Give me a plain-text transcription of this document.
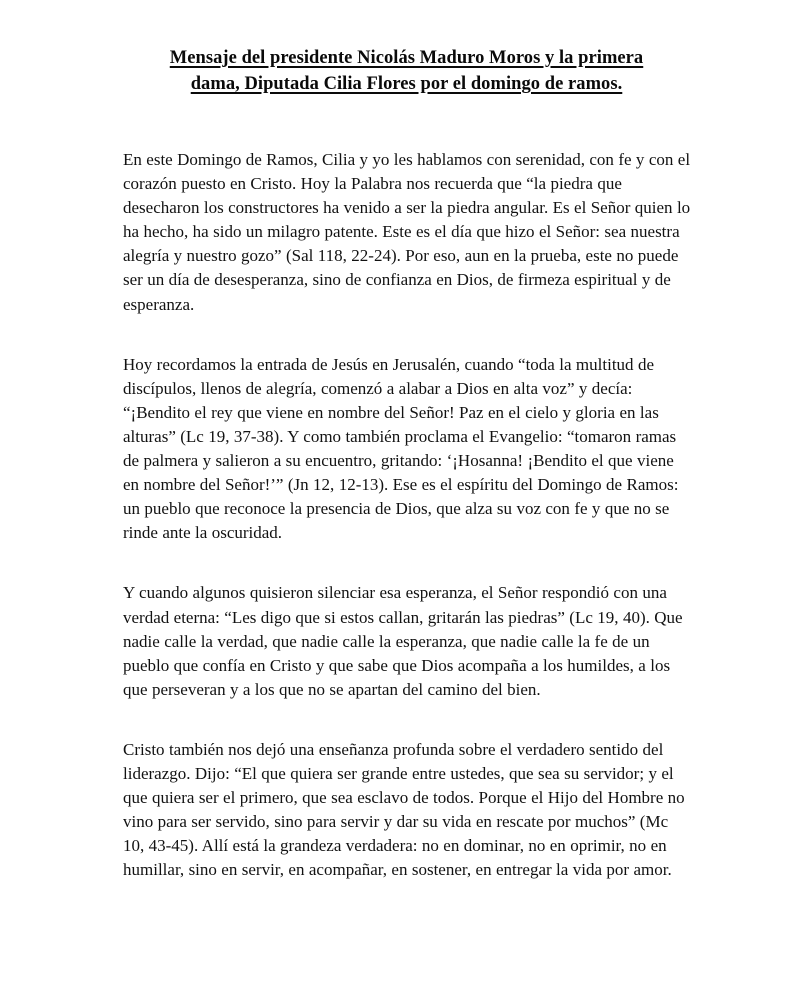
Mensaje del presidente Nicolás Maduro Moros y la primera
dama, Diputada Cilia Flores por el domingo de ramos.

En este Domingo de Ramos, Cilia y yo les hablamos con serenidad, con fe y con el corazón puesto en Cristo. Hoy la Palabra nos recuerda que “la piedra que desecharon los constructores ha venido a ser la piedra angular. Es el Señor quien lo ha hecho, ha sido un milagro patente. Este es el día que hizo el Señor: sea nuestra alegría y nuestro gozo” (Sal 118, 22-24). Por eso, aun en la prueba, este no puede ser un día de desesperanza, sino de confianza en Dios, de firmeza espiritual y de esperanza.

Hoy recordamos la entrada de Jesús en Jerusalén, cuando “toda la multitud de discípulos, llenos de alegría, comenzó a alabar a Dios en alta voz” y decía: “¡Bendito el rey que viene en nombre del Señor! Paz en el cielo y gloria en las alturas” (Lc 19, 37-38). Y como también proclama el Evangelio: “tomaron ramas de palmera y salieron a su encuentro, gritando: ‘¡Hosanna! ¡Bendito el que viene en nombre del Señor!’” (Jn 12, 12-13). Ese es el espíritu del Domingo de Ramos: un pueblo que reconoce la presencia de Dios, que alza su voz con fe y que no se rinde ante la oscuridad.

Y cuando algunos quisieron silenciar esa esperanza, el Señor respondió con una verdad eterna: “Les digo que si estos callan, gritarán las piedras” (Lc 19, 40). Que nadie calle la verdad, que nadie calle la esperanza, que nadie calle la fe de un pueblo que confía en Cristo y que sabe que Dios acompaña a los humildes, a los que perseveran y a los que no se apartan del camino del bien.

Cristo también nos dejó una enseñanza profunda sobre el verdadero sentido del liderazgo. Dijo: “El que quiera ser grande entre ustedes, que sea su servidor; y el que quiera ser el primero, que sea esclavo de todos. Porque el Hijo del Hombre no vino para ser servido, sino para servir y dar su vida en rescate por muchos” (Mc 10, 43-45). Allí está la grandeza verdadera: no en dominar, no en oprimir, no en humillar, sino en servir, en acompañar, en sostener, en entregar la vida por amor.
